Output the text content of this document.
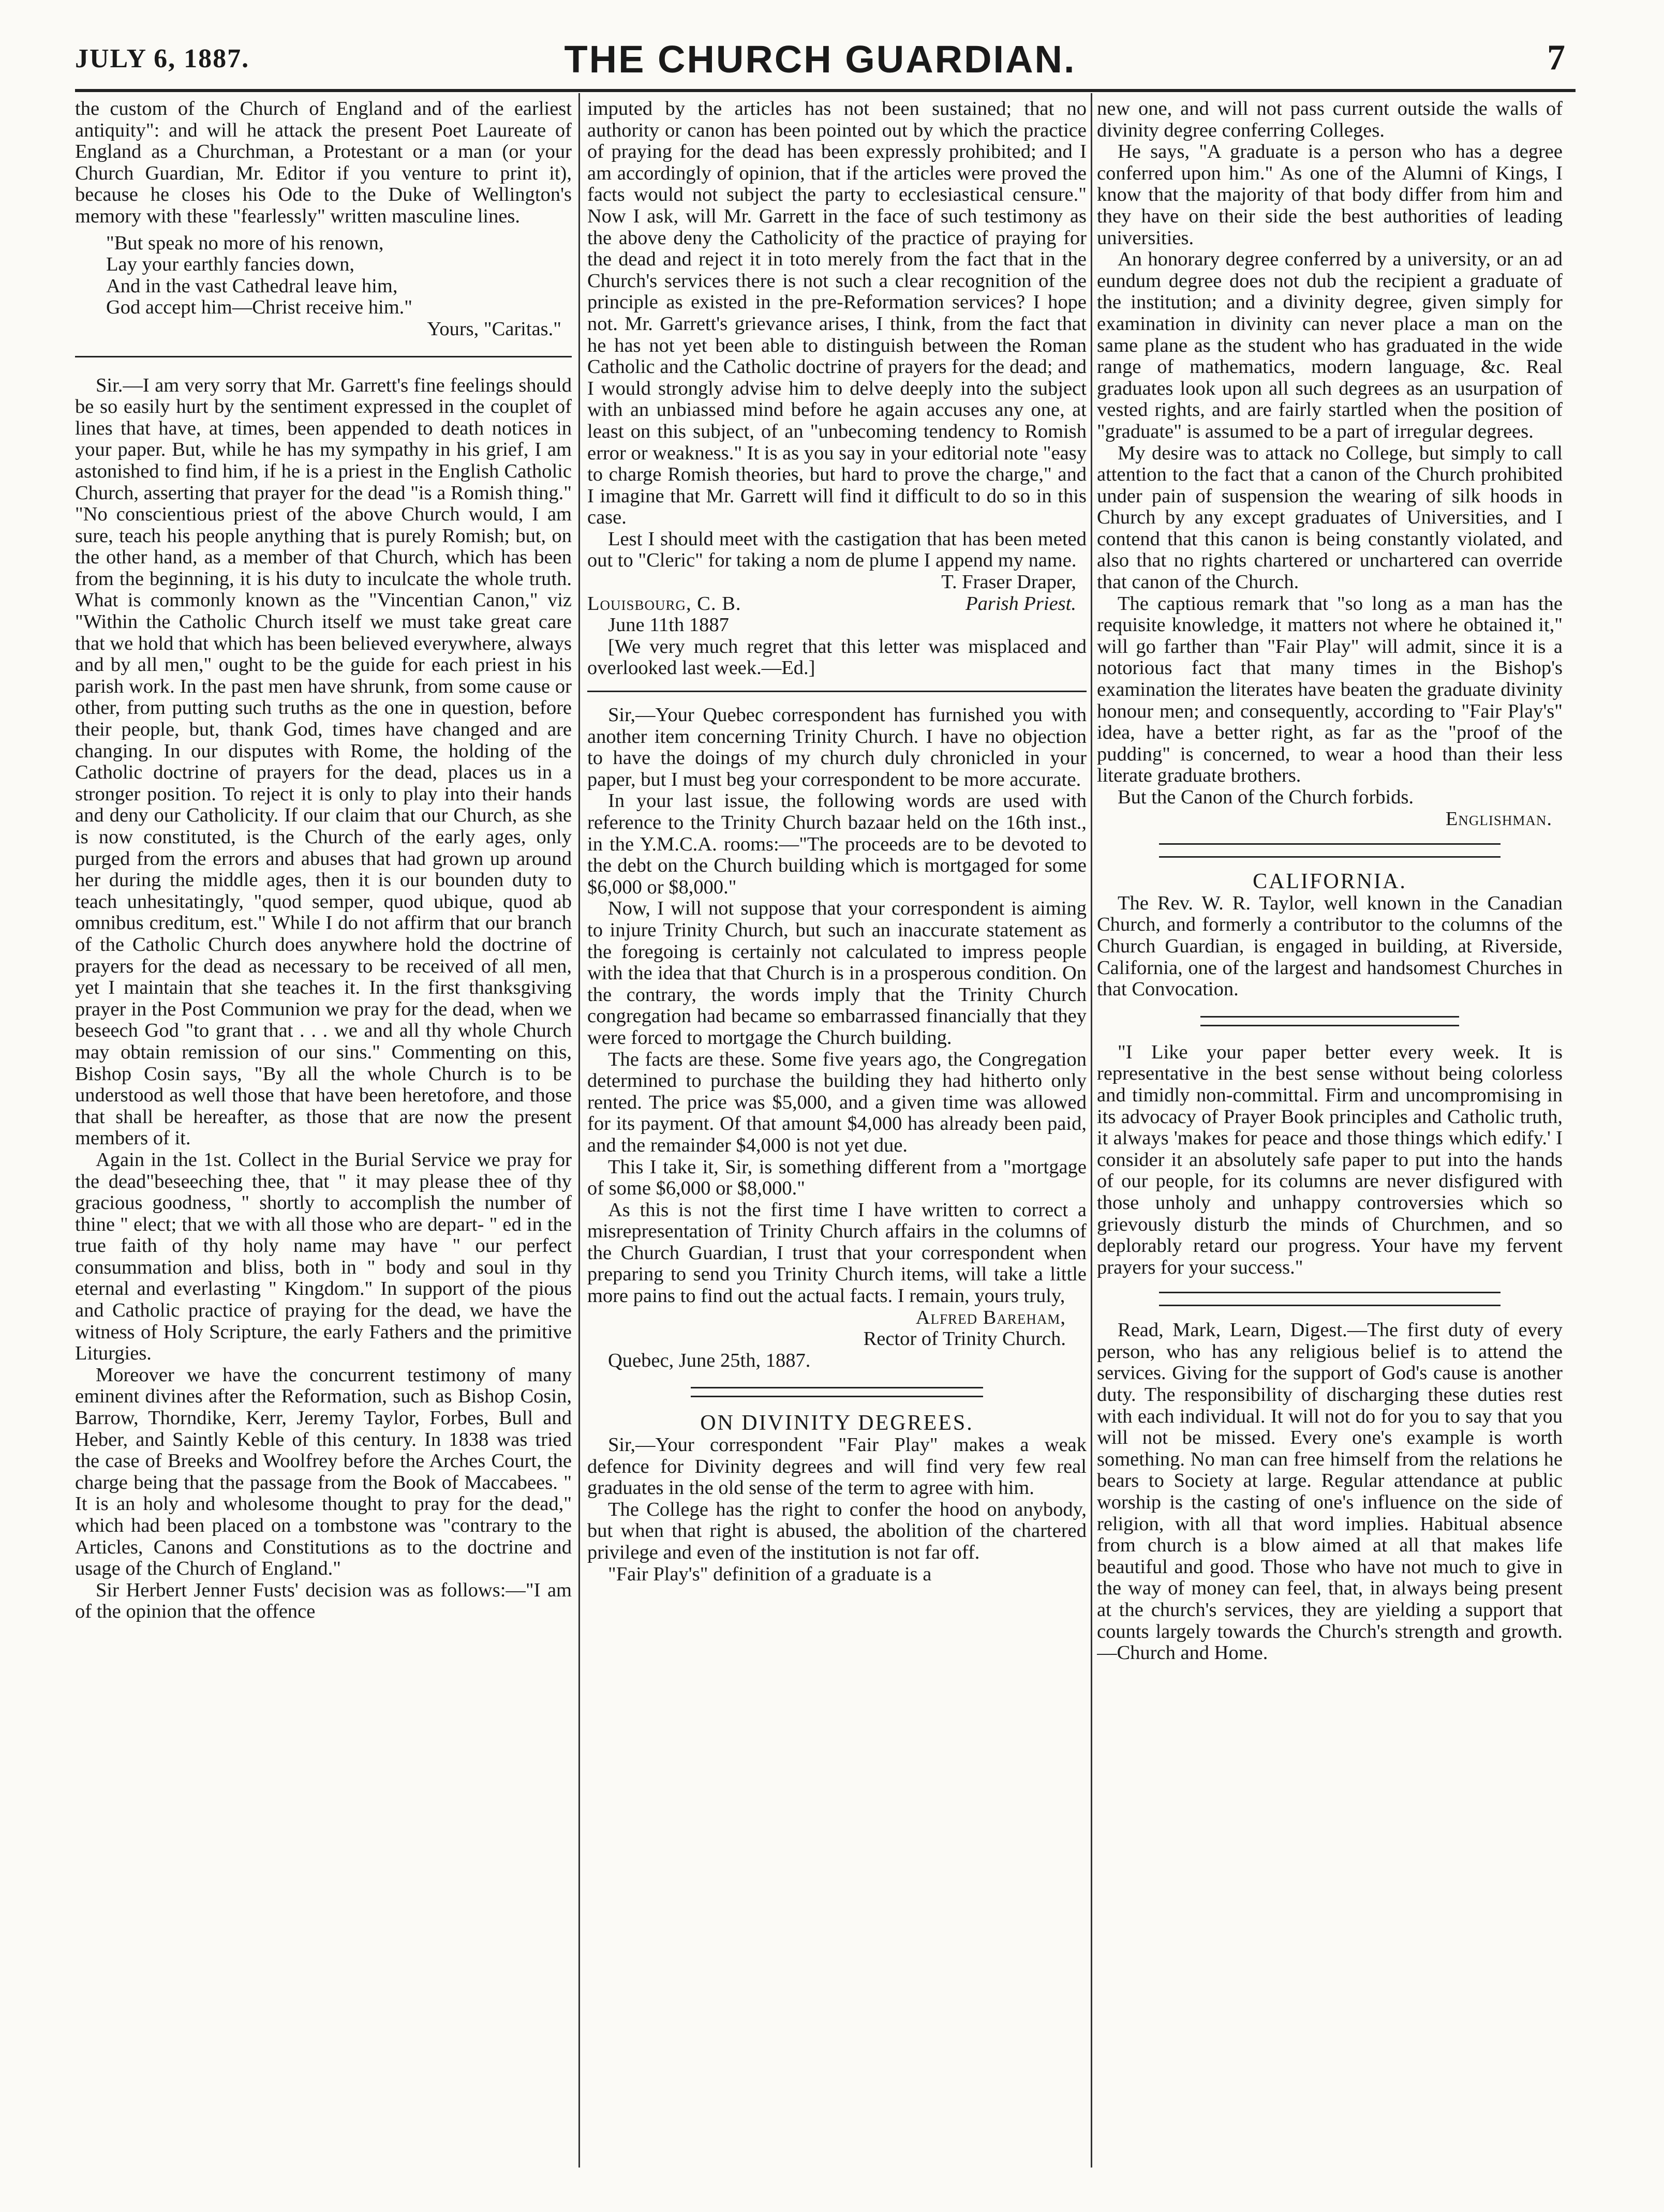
JULY 6, 1887.	THE CHURCH GUARDIAN.	7

the custom of the Church of England and of the earliest antiquity": and will he attack the present Poet Laureate of England as a Churchman, a Protestant or a man (or your Church Guardian, Mr. Editor if you venture to print it), because he closes his Ode to the Duke of Wellington's memory with these "fearlessly" written masculine lines.

"But speak no more of his renown,
Lay your earthly fancies down,
And in the vast Cathedral leave him,
God accept him—Christ receive him."

Yours, "Caritas."

Sir.—I am very sorry that Mr. Garrett's fine feelings should be so easily hurt by the sentiment expressed in the couplet of lines that have, at times, been appended to death notices in your paper. But, while he has my sympathy in his grief, I am astonished to find him, if he is a priest in the English Catholic Church, asserting that prayer for the dead "is a Romish thing." "No conscientious priest of the above Church would, I am sure, teach his people anything that is purely Romish; but, on the other hand, as a member of that Church, which has been from the beginning, it is his duty to inculcate the whole truth. What is commonly known as the "Vincentian Canon," viz "Within the Catholic Church itself we must take great care that we hold that which has been believed everywhere, always and by all men," ought to be the guide for each priest in his parish work. In the past men have shrunk, from some cause or other, from putting such truths as the one in question, before their people, but, thank God, times have changed and are changing. In our disputes with Rome, the holding of the Catholic doctrine of prayers for the dead, places us in a stronger position. To reject it is only to play into their hands and deny our Catholicity. If our claim that our Church, as she is now constituted, is the Church of the early ages, only purged from the errors and abuses that had grown up around her during the middle ages, then it is our bounden duty to teach unhesitatingly, "quod semper, quod ubique, quod ab omnibus creditum, est." While I do not affirm that our branch of the Catholic Church does anywhere hold the doctrine of prayers for the dead as necessary to be received of all men, yet I maintain that she teaches it. In the first thanksgiving prayer in the Post Communion we pray for the dead, when we beseech God "to grant that . . . we and all thy whole Church may obtain remission of our sins." Commenting on this, Bishop Cosin says, "By all the whole Church is to be understood as well those that have been heretofore, and those that shall be hereafter, as those that are now the present members of it.

Again in the 1st. Collect in the Burial Service we pray for the dead"beseeching thee, that " it may please thee of thy gracious goodness, " shortly to accomplish the number of thine " elect; that we with all those who are depart- " ed in the true faith of thy holy name may have " our perfect consummation and bliss, both in " body and soul in thy eternal and everlasting " Kingdom." In support of the pious and Catholic practice of praying for the dead, we have the witness of Holy Scripture, the early Fathers and the primitive Liturgies.

Moreover we have the concurrent testimony of many eminent divines after the Reformation, such as Bishop Cosin, Barrow, Thorndike, Kerr, Jeremy Taylor, Forbes, Bull and Heber, and Saintly Keble of this century. In 1838 was tried the case of Breeks and Woolfrey before the Arches Court, the charge being that the passage from the Book of Maccabees. " It is an holy and wholesome thought to pray for the dead," which had been placed on a tombstone was "contrary to the Articles, Canons and Constitutions as to the doctrine and usage of the Church of England."

Sir Herbert Jenner Fusts' decision was as follows:—"I am of the opinion that the offence

imputed by the articles has not been sustained; that no authority or canon has been pointed out by which the practice of praying for the dead has been expressly prohibited; and I am accordingly of opinion, that if the articles were proved the facts would not subject the party to ecclesiastical censure." Now I ask, will Mr. Garrett in the face of such testimony as the above deny the Catholicity of the practice of praying for the dead and reject it in toto merely from the fact that in the Church's services there is not such a clear recognition of the principle as existed in the pre-Reformation services? I hope not. Mr. Garrett's grievance arises, I think, from the fact that he has not yet been able to distinguish between the Roman Catholic and the Catholic doctrine of prayers for the dead; and I would strongly advise him to delve deeply into the subject with an unbiassed mind before he again accuses any one, at least on this subject, of an "unbecoming tendency to Romish error or weakness." It is as you say in your editorial note "easy to charge Romish theories, but hard to prove the charge," and I imagine that Mr. Garrett will find it difficult to do so in this case.

Lest I should meet with the castigation that has been meted out to "Cleric" for taking a nom de plume I append my name.

T. Fraser Draper,

Louisbourg, C. B.	Parish Priest.

June 11th 1887

[We very much regret that this letter was misplaced and overlooked last week.—Ed.]

Sir,—Your Quebec correspondent has furnished you with another item concerning Trinity Church. I have no objection to have the doings of my church duly chronicled in your paper, but I must beg your correspondent to be more accurate.

In your last issue, the following words are used with reference to the Trinity Church bazaar held on the 16th inst., in the Y.M.C.A. rooms:—"The proceeds are to be devoted to the debt on the Church building which is mortgaged for some $6,000 or $8,000."

Now, I will not suppose that your correspondent is aiming to injure Trinity Church, but such an inaccurate statement as the foregoing is certainly not calculated to impress people with the idea that that Church is in a prosperous condition. On the contrary, the words imply that the Trinity Church congregation had became so embarrassed financially that they were forced to mortgage the Church building.

The facts are these. Some five years ago, the Congregation determined to purchase the building they had hitherto only rented. The price was $5,000, and a given time was allowed for its payment. Of that amount $4,000 has already been paid, and the remainder $4,000 is not yet due.

This I take it, Sir, is something different from a "mortgage of some $6,000 or $8,000."

As this is not the first time I have written to correct a misrepresentation of Trinity Church affairs in the columns of the Church Guardian, I trust that your correspondent when preparing to send you Trinity Church items, will take a little more pains to find out the actual facts. I remain, yours truly,

Alfred Bareham,

Rector of Trinity Church.

Quebec, June 25th, 1887.

ON DIVINITY DEGREES.

Sir,—Your correspondent "Fair Play" makes a weak defence for Divinity degrees and will find very few real graduates in the old sense of the term to agree with him.

The College has the right to confer the hood on anybody, but when that right is abused, the abolition of the chartered privilege and even of the institution is not far off.

"Fair Play's" definition of a graduate is a

new one, and will not pass current outside the walls of divinity degree conferring Colleges.

He says, "A graduate is a person who has a degree conferred upon him." As one of the Alumni of Kings, I know that the majority of that body differ from him and they have on their side the best authorities of leading universities.

An honorary degree conferred by a university, or an ad eundum degree does not dub the recipient a graduate of the institution; and a divinity degree, given simply for examination in divinity can never place a man on the same plane as the student who has graduated in the wide range of mathematics, modern language, &c. Real graduates look upon all such degrees as an usurpation of vested rights, and are fairly startled when the position of "graduate" is assumed to be a part of irregular degrees.

My desire was to attack no College, but simply to call attention to the fact that a canon of the Church prohibited under pain of suspension the wearing of silk hoods in Church by any except graduates of Universities, and I contend that this canon is being constantly violated, and also that no rights chartered or unchartered can override that canon of the Church.

The captious remark that "so long as a man has the requisite knowledge, it matters not where he obtained it," will go farther than "Fair Play" will admit, since it is a notorious fact that many times in the Bishop's examination the literates have beaten the graduate divinity honour men; and consequently, according to "Fair Play's" idea, have a better right, as far as the "proof of the pudding" is concerned, to wear a hood than their less literate graduate brothers.

But the Canon of the Church forbids.

Englishman.

CALIFORNIA.

The Rev. W. R. Taylor, well known in the Canadian Church, and formerly a contributor to the columns of the Church Guardian, is engaged in building, at Riverside, California, one of the largest and handsomest Churches in that Convocation.

"I Like your paper better every week. It is representative in the best sense without being colorless and timidly non-committal. Firm and uncompromising in its advocacy of Prayer Book principles and Catholic truth, it always 'makes for peace and those things which edify.' I consider it an absolutely safe paper to put into the hands of our people, for its columns are never disfigured with those unholy and unhappy controversies which so grievously disturb the minds of Churchmen, and so deplorably retard our progress. Your have my fervent prayers for your success."

Read, Mark, Learn, Digest.—The first duty of every person, who has any religious belief is to attend the services. Giving for the support of God's cause is another duty. The responsibility of discharging these duties rest with each individual. It will not do for you to say that you will not be missed. Every one's example is worth something. No man can free himself from the relations he bears to Society at large. Regular attendance at public worship is the casting of one's influence on the side of religion, with all that word implies. Habitual absence from church is a blow aimed at all that makes life beautiful and good. Those who have not much to give in the way of money can feel, that, in always being present at the church's services, they are yielding a support that counts largely towards the Church's strength and growth.—Church and Home.
